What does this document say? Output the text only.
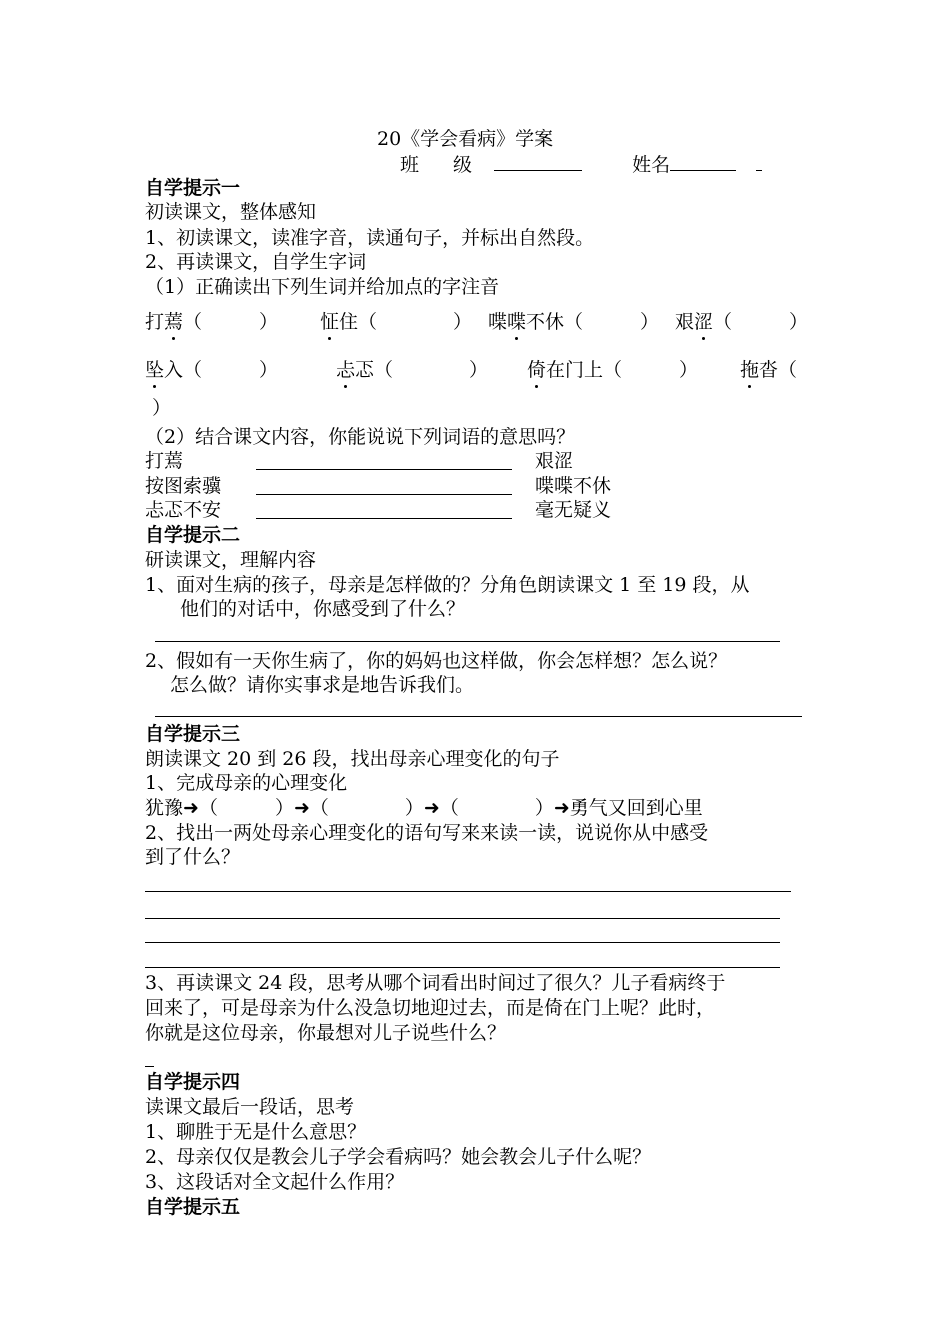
20《学会看病》学案
班 级	姓名
自学提示一
初读课文，整体感知
1、初读课文，读准字音，读通句子，并标出自然段。
2、再读课文，自学生字词
（1）正确读出下列生词并给加点的字注音
打蔫（　　　） 怔住（　　　　） 喋喋不休（　　　） 艰涩（　　　）
坠入（　　　）	忐忑（　　　　） 倚在门上（　　　） 拖沓（
）
（2）结合课文内容，你能说说下列词语的意思吗？
打蔫
按图索骥
忐忑不安
艰涩
喋喋不休
毫无疑义
自学提示二
研读课文，理解内容
1、面对生病的孩子，母亲是怎样做的？分角色朗读课文 1 至 19 段，从
他们的对话中，你感受到了什么？
2、假如有一天你生病了，你的妈妈也这样做，你会怎样想？怎么说？
怎么做？请你实事求是地告诉我们。
自学提示三
朗读课文 20 到 26 段，找出母亲心理变化的句子
1、完成母亲的心理变化
犹豫➜（　　　）➜（　　　　）➜（　　　　）➜勇气又回到心里
2、找出一两处母亲心理变化的语句写来来读一读，说说你从中感受
到了什么？
3、再读课文 24 段，思考从哪个词看出时间过了很久？儿子看病终于
回来了，可是母亲为什么没急切地迎过去，而是倚在门上呢？此时，
你就是这位母亲，你最想对儿子说些什么？
自学提示四
读课文最后一段话，思考
1、聊胜于无是什么意思？
2、母亲仅仅是教会儿子学会看病吗？她会教会儿子什么呢？
3、这段话对全文起什么作用？
自学提示五
